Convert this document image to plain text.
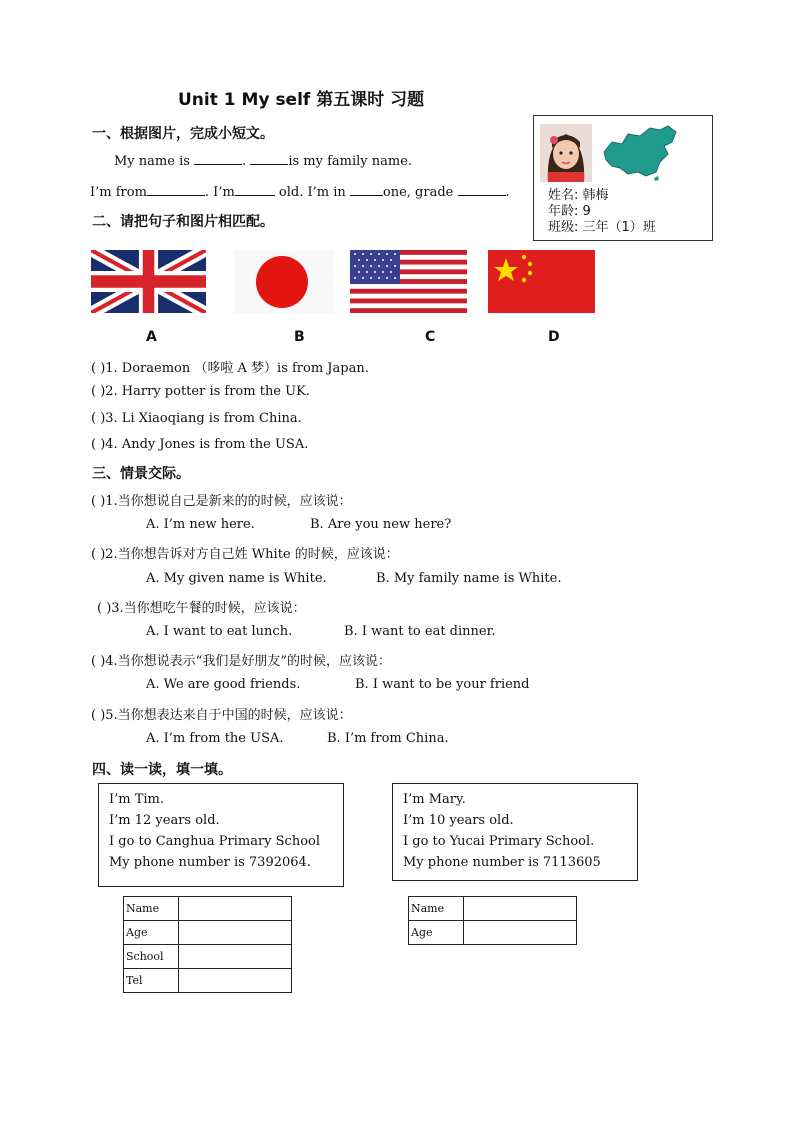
Unit 1 My self 第五课时 习题
一、根据图片，完成小短文。
My name is	.	is my family name.
I’m from	. I’m	old. I’m in	one, grade	.	姓名: 韩梅
年龄: 9
班级: 三年（1）班
二、请把句子和图片相匹配。
A	B	C	D
( )1. Doraemon （哆啦 A 梦）is from Japan.
( )2. Harry potter is from the UK.
( )3. Li Xiaoqiang is from China.
( )4. Andy Jones is from the USA.
三、情景交际。
( )1.当你想说自己是新来的的时候，应该说：
A. I’m new here.	B. Are you new here?
( )2.当你想告诉对方自己姓 White 的时候，应该说：
A. My given name is White.	B. My family name is White.
( )3.当你想吃午餐的时候，应该说：
A. I want to eat lunch.	B. I want to eat dinner.
( )4.当你想说表示“我们是好朋友”的时候，应该说：
A. We are good friends.	B. I want to be your friend
( )5.当你想表达来自于中国的时候，应该说：
A. I’m from the USA.	B. I’m from China.
四、读一读，填一填。
I’m Tim.
I’m 12 years old.
I go to Canghua Primary School
My phone number is 7392064.
I’m Mary.
I’m 10 years old.
I go to Yucai Primary School.
My phone number is 7113605
Name	
Age	
School	
Tel	
Name	
Age	
